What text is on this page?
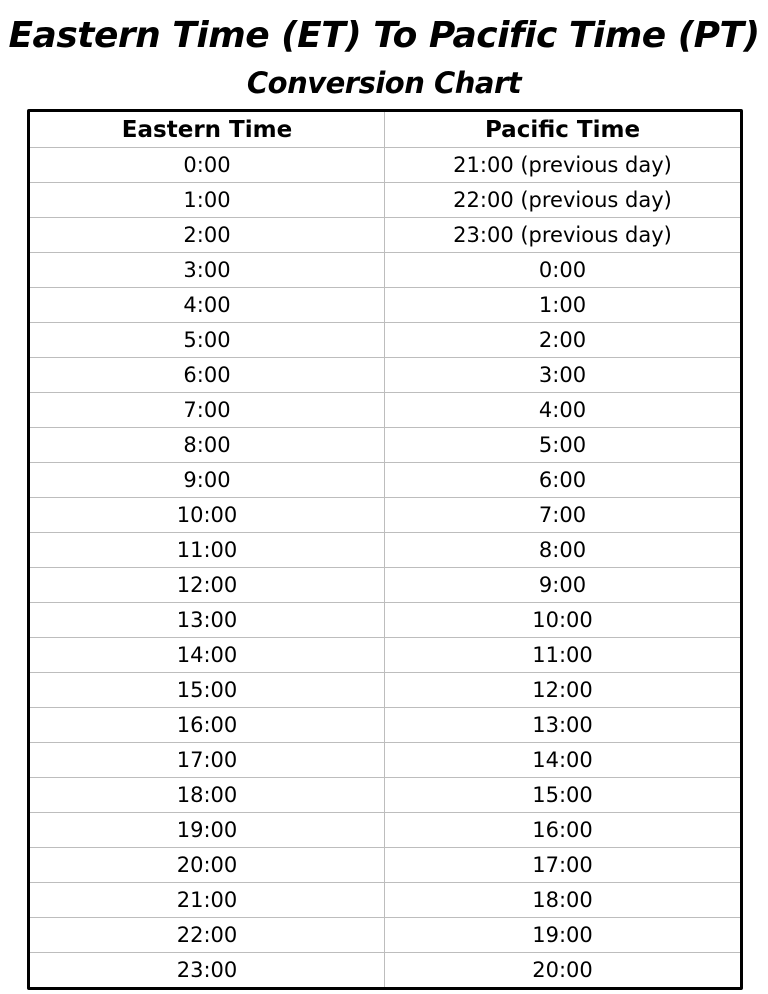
Eastern Time (ET) To Pacific Time (PT)
Conversion Chart
Eastern Time	Pacific Time
0:00	21:00 (previous day)
1:00	22:00 (previous day)
2:00	23:00 (previous day)
3:00	0:00
4:00	1:00
5:00	2:00
6:00	3:00
7:00	4:00
8:00	5:00
9:00	6:00
10:00	7:00
11:00	8:00
12:00	9:00
13:00	10:00
14:00	11:00
15:00	12:00
16:00	13:00
17:00	14:00
18:00	15:00
19:00	16:00
20:00	17:00
21:00	18:00
22:00	19:00
23:00	20:00
